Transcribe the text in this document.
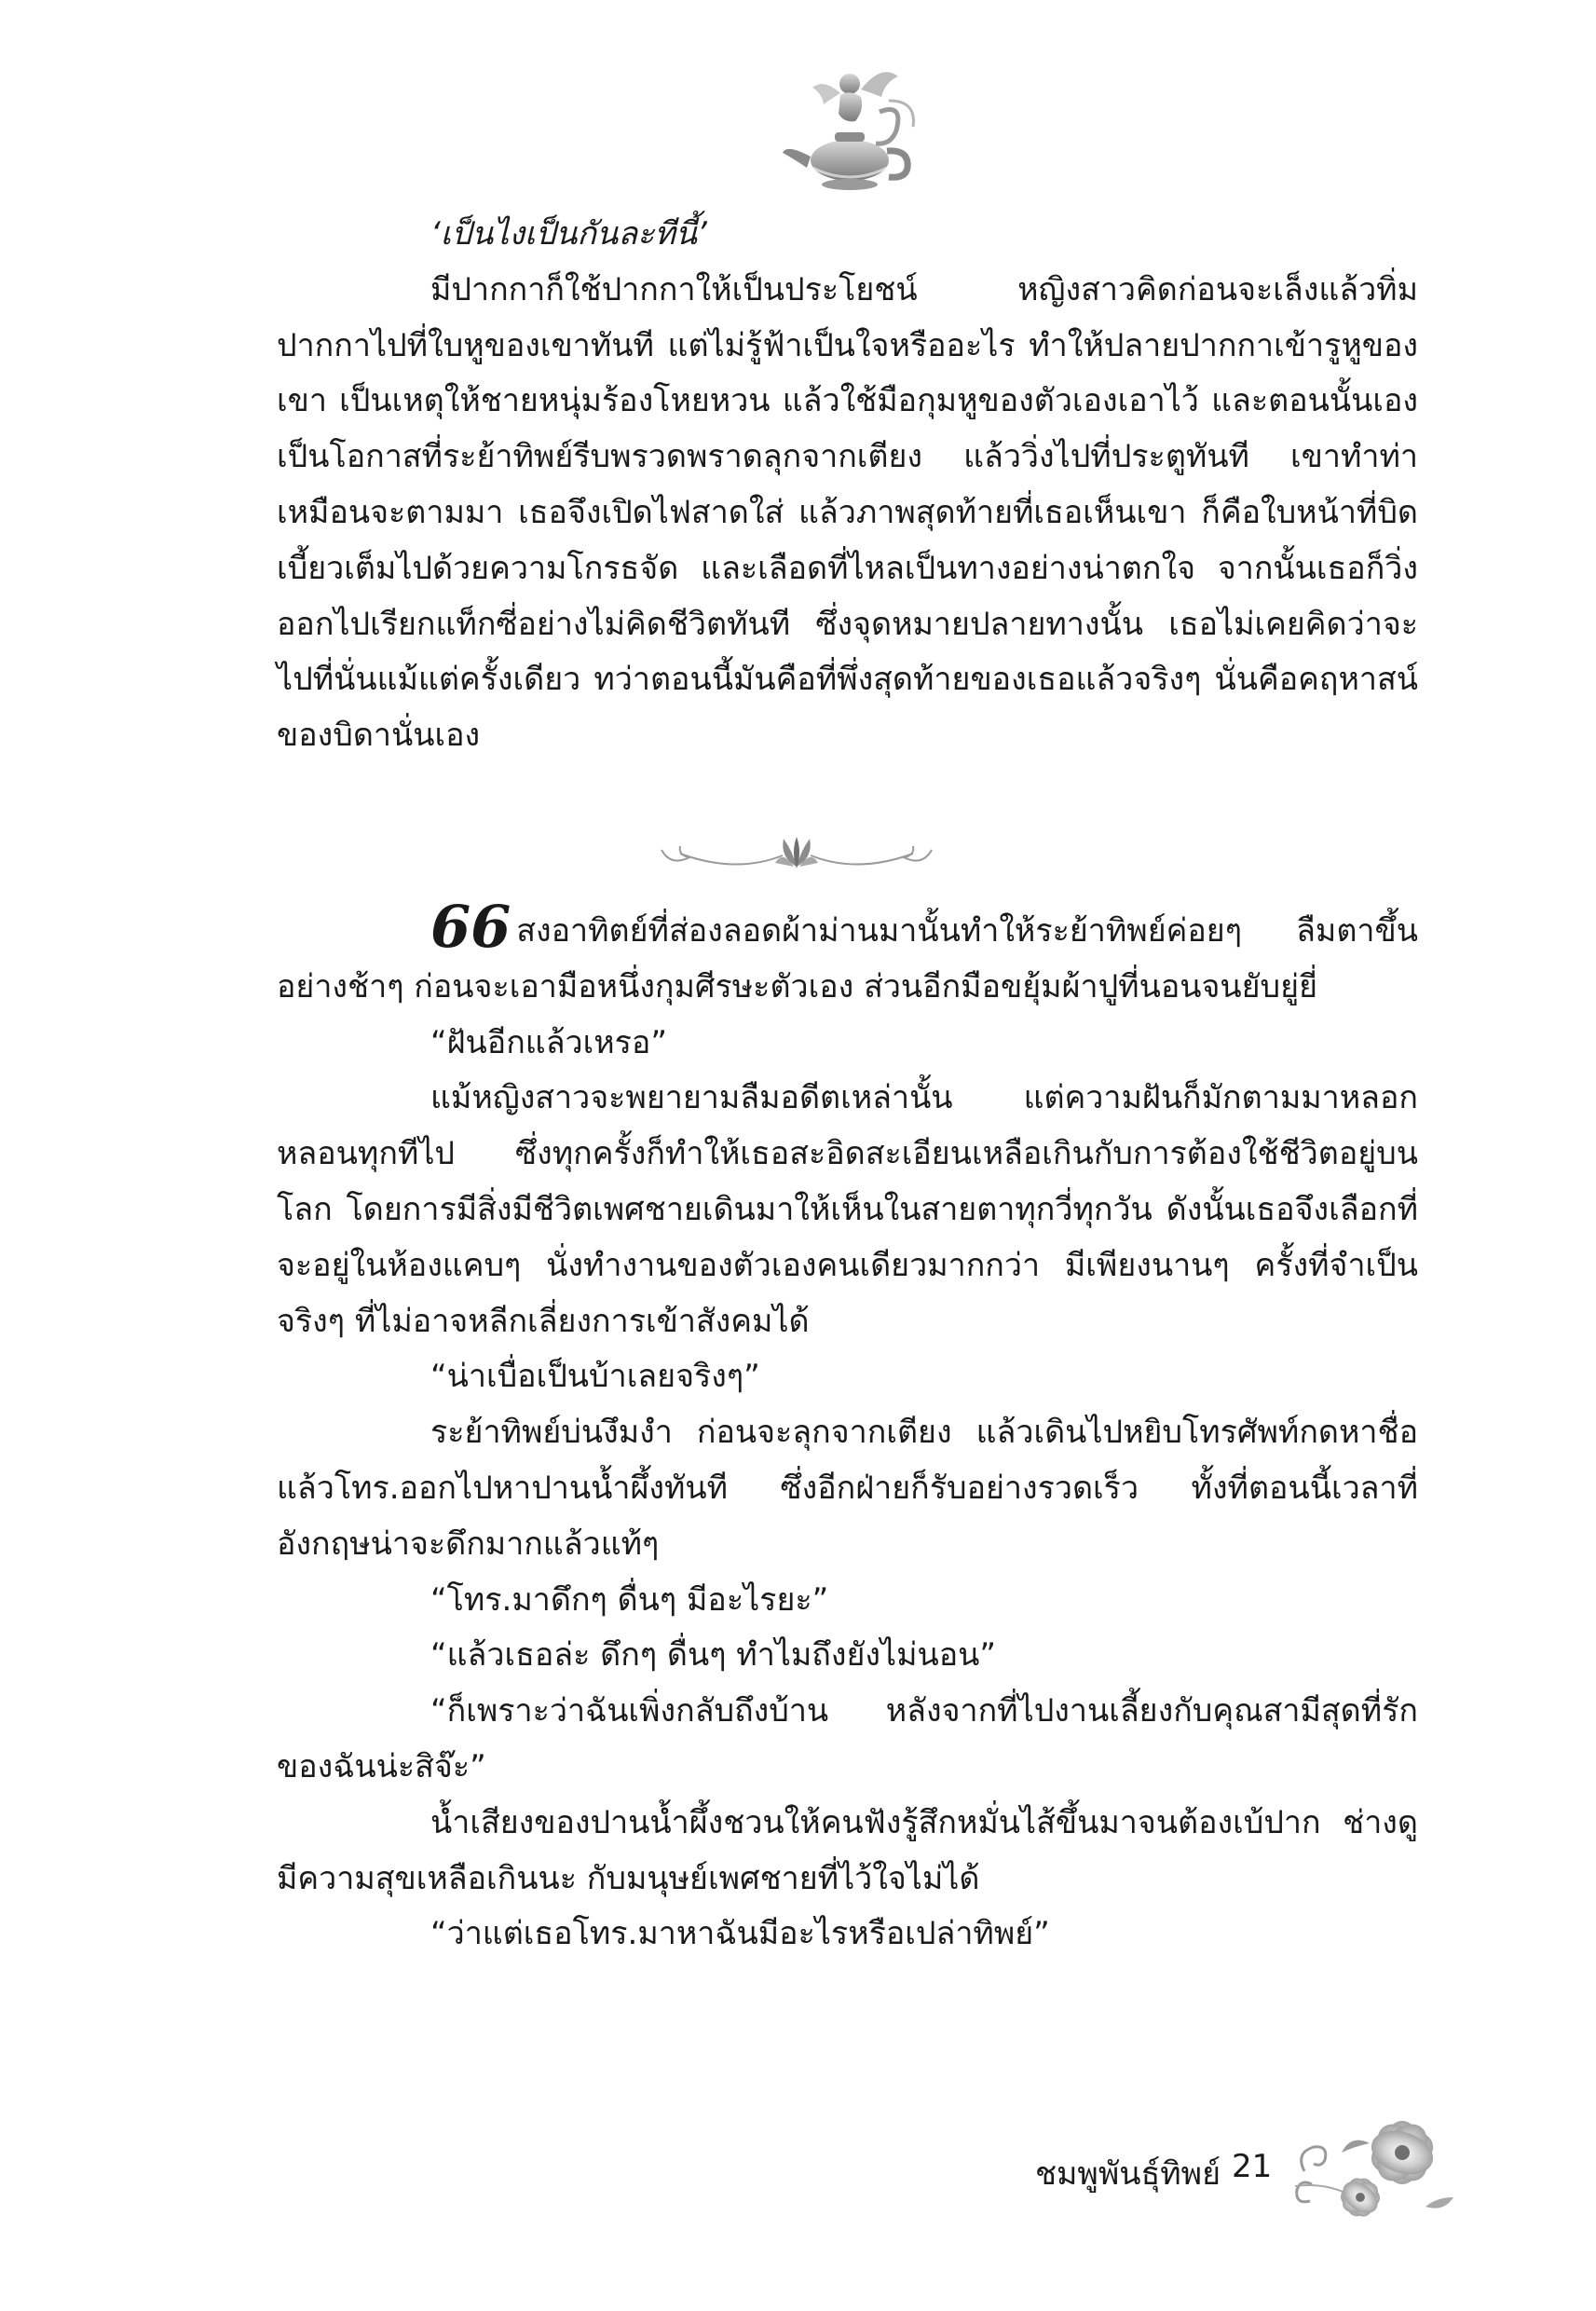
‘เป็นไงเป็นกันละทีนี้’

มีปากกาก็ใช้ปากกาให้เป็นประโยชน์ หญิงสาวคิดก่อนจะเล็งแล้วทิ่มปากกาไปที่ใบหูของเขาทันที แต่ไม่รู้ฟ้าเป็นใจหรืออะไร ทำให้ปลายปากกาเข้ารูหูของเขา เป็นเหตุให้ชายหนุ่มร้องโหยหวน แล้วใช้มือกุมหูของตัวเองเอาไว้ และตอนนั้นเองเป็นโอกาสที่ระย้าทิพย์รีบพรวดพราดลุกจากเตียง แล้ววิ่งไปที่ประตูทันที เขาทำท่าเหมือนจะตามมา เธอจึงเปิดไฟสาดใส่ แล้วภาพสุดท้ายที่เธอเห็นเขา ก็คือใบหน้าที่บิดเบี้ยวเต็มไปด้วยความโกรธจัด และเลือดที่ไหลเป็นทางอย่างน่าตกใจ จากนั้นเธอก็วิ่งออกไปเรียกแท็กซี่อย่างไม่คิดชีวิตทันที ซึ่งจุดหมายปลายทางนั้น เธอไม่เคยคิดว่าจะไปที่นั่นแม้แต่ครั้งเดียว ทว่าตอนนี้มันคือที่พึ่งสุดท้ายของเธอแล้วจริงๆ นั่นคือคฤหาสน์ของบิดานั่นเอง

66 สงอาทิตย์ที่ส่องลอดผ้าม่านมานั้นทำให้ระย้าทิพย์ค่อยๆ ลืมตาขึ้นอย่างช้าๆ ก่อนจะเอามือหนึ่งกุมศีรษะตัวเอง ส่วนอีกมือขยุ้มผ้าปูที่นอนจนยับยู่ยี่

“ฝันอีกแล้วเหรอ”

แม้หญิงสาวจะพยายามลืมอดีตเหล่านั้น แต่ความฝันก็มักตามมาหลอกหลอนทุกทีไป ซึ่งทุกครั้งก็ทำให้เธอสะอิดสะเอียนเหลือเกินกับการต้องใช้ชีวิตอยู่บนโลก โดยการมีสิ่งมีชีวิตเพศชายเดินมาให้เห็นในสายตาทุกวี่ทุกวัน ดังนั้นเธอจึงเลือกที่จะอยู่ในห้องแคบๆ นั่งทำงานของตัวเองคนเดียวมากกว่า มีเพียงนานๆ ครั้งที่จำเป็นจริงๆ ที่ไม่อาจหลีกเลี่ยงการเข้าสังคมได้

“น่าเบื่อเป็นบ้าเลยจริงๆ”

ระย้าทิพย์บ่นงึมงำ ก่อนจะลุกจากเตียง แล้วเดินไปหยิบโทรศัพท์กดหาชื่อแล้วโทร.ออกไปหาปานน้ำผึ้งทันที ซึ่งอีกฝ่ายก็รับอย่างรวดเร็ว ทั้งที่ตอนนี้เวลาที่อังกฤษน่าจะดึกมากแล้วแท้ๆ

“โทร.มาดึกๆ ดื่นๆ มีอะไรยะ”

“แล้วเธอล่ะ ดึกๆ ดื่นๆ ทำไมถึงยังไม่นอน”

“ก็เพราะว่าฉันเพิ่งกลับถึงบ้าน หลังจากที่ไปงานเลี้ยงกับคุณสามีสุดที่รักของฉันน่ะสิจ๊ะ”

น้ำเสียงของปานน้ำผึ้งชวนให้คนฟังรู้สึกหมั่นไส้ขึ้นมาจนต้องเบ้ปาก ช่างดูมีความสุขเหลือเกินนะ กับมนุษย์เพศชายที่ไว้ใจไม่ได้

“ว่าแต่เธอโทร.มาหาฉันมีอะไรหรือเปล่าทิพย์”

ชมพูพันธุ์ทิพย์ 21
